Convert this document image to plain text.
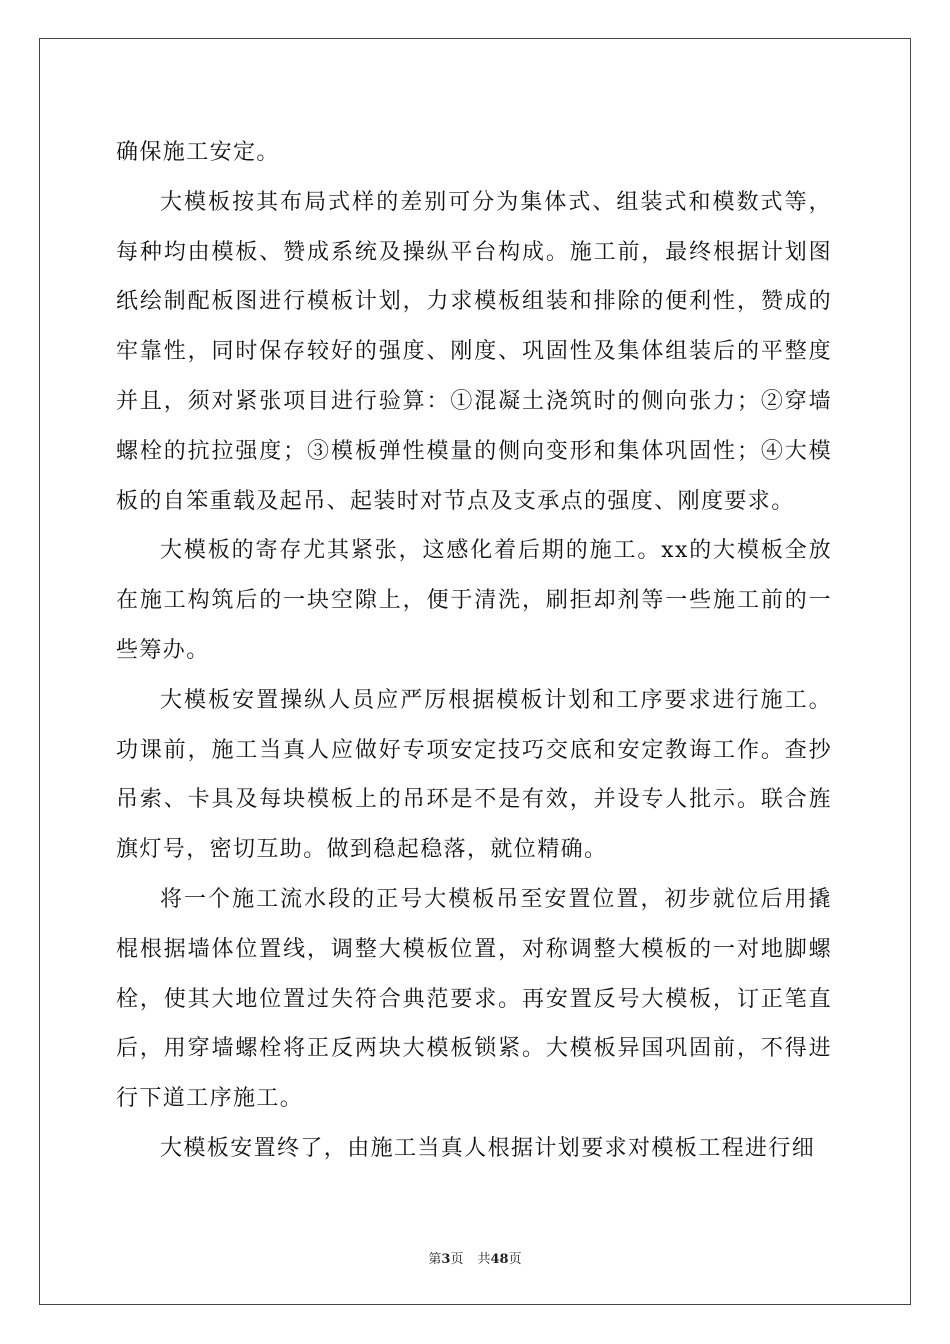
确保施工安定。

大模板按其布局式样的差别可分为集体式、组装式和模数式等，每种均由模板、赞成系统及操纵平台构成。施工前，最终根据计划图纸绘制配板图进行模板计划，力求模板组装和排除的便利性，赞成的牢靠性，同时保存较好的强度、刚度、巩固性及集体组装后的平整度并且，须对紧张项目进行验算：①混凝土浇筑时的侧向张力；②穿墙螺栓的抗拉强度；③模板弹性模量的侧向变形和集体巩固性；④大模板的自笨重载及起吊、起装时对节点及支承点的强度、刚度要求。

大模板的寄存尤其紧张，这感化着后期的施工。xx的大模板全放在施工构筑后的一块空隙上，便于清洗，刷拒却剂等一些施工前的一些筹办。

大模板安置操纵人员应严厉根据模板计划和工序要求进行施工。功课前，施工当真人应做好专项安定技巧交底和安定教诲工作。查抄吊索、卡具及每块模板上的吊环是不是有效，并设专人批示。联合旌旗灯号，密切互助。做到稳起稳落，就位精确。

将一个施工流水段的正号大模板吊至安置位置，初步就位后用撬棍根据墙体位置线，调整大模板位置，对称调整大模板的一对地脚螺栓，使其大地位置过失符合典范要求。再安置反号大模板，订正笔直后，用穿墙螺栓将正反两块大模板锁紧。大模板异国巩固前，不得进行下道工序施工。

大模板安置终了，由施工当真人根据计划要求对模板工程进行细

第3页 共48页
